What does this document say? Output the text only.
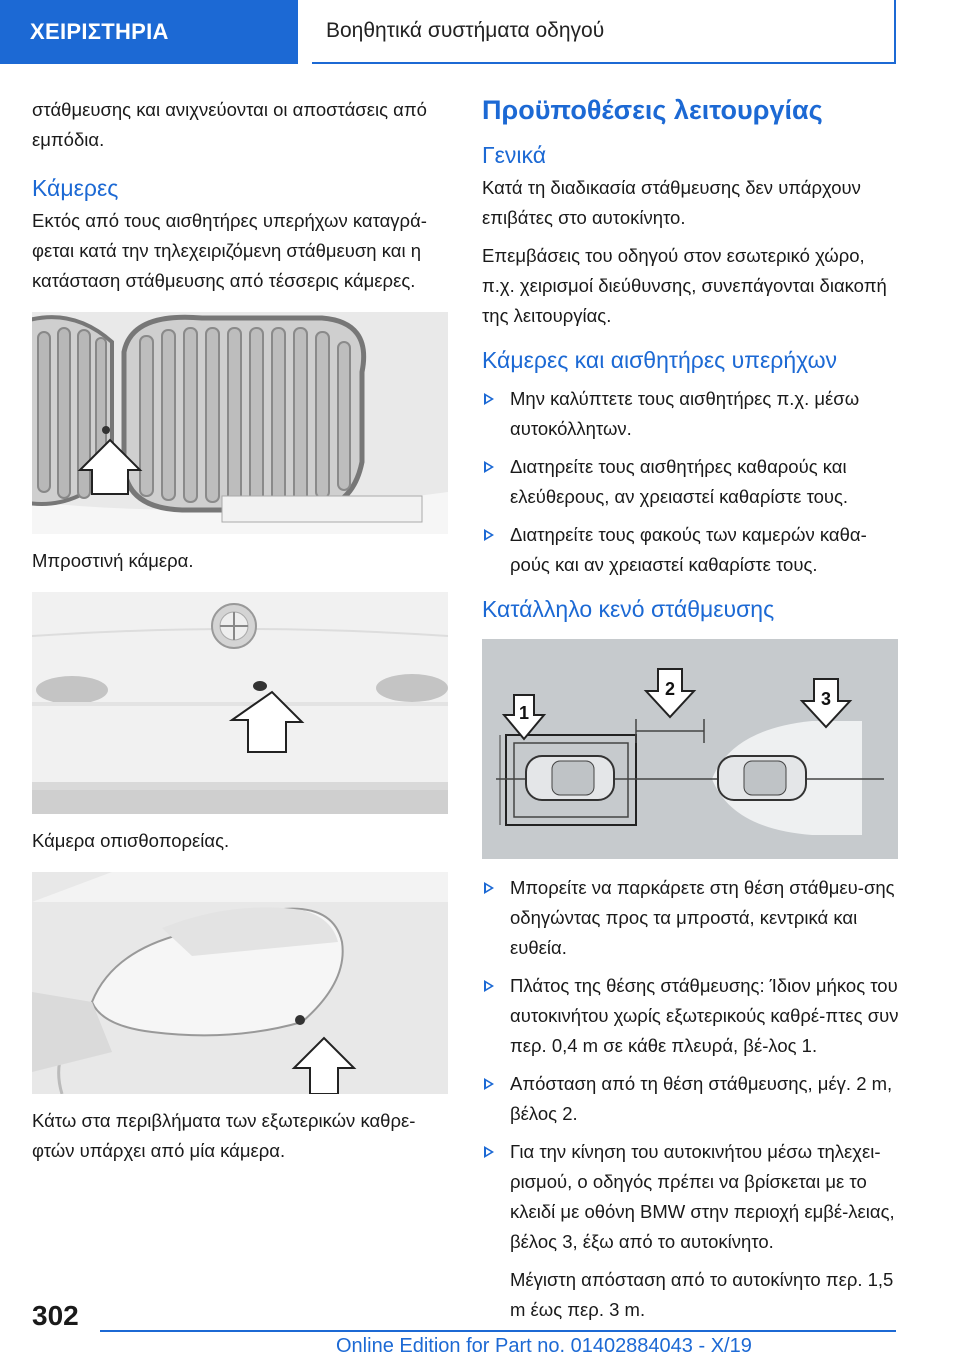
ΧΕΙΡΙΣΤΗΡΙΑ	Βοηθητικά συστήματα οδηγού

στάθμευσης και ανιχνεύονται οι αποστάσεις από εμπόδια.

Κάμερες

Εκτός από τους αισθητήρες υπερήχων καταγρά-φεται κατά την τηλεχειριζόμενη στάθμευση και η κατάσταση στάθμευσης από τέσσερις κάμερες.

Μπροστινή κάμερα.

Κάμερα οπισθοπορείας.

Κάτω στα περιβλήματα των εξωτερικών καθρε-φτών υπάρχει από μία κάμερα.

Προϋποθέσεις λειτουργίας
Γενικά

Κατά τη διαδικασία στάθμευσης δεν υπάρχουν επιβάτες στο αυτοκίνητο.

Επεμβάσεις του οδηγού στον εσωτερικό χώρο, π.χ. χειρισμοί διεύθυνσης, συνεπάγονται διακοπή της λειτουργίας.

Κάμερες και αισθητήρες υπερήχων
Μην καλύπτετε τους αισθητήρες π.χ. μέσω αυτοκόλλητων.
Διατηρείτε τους αισθητήρες καθαρούς και ελεύθερους, αν χρειαστεί καθαρίστε τους.
Διατηρείτε τους φακούς των καμερών καθα-ρούς και αν χρειαστεί καθαρίστε τους.
Κατάλληλο κενό στάθμευσης
1
2	3
Μπορείτε να παρκάρετε στη θέση στάθμευ-σης οδηγώντας προς τα μπροστά, κεντρικά και ευθεία.
Πλάτος της θέσης στάθμευσης: Ίδιον μήκος του αυτοκινήτου χωρίς εξωτερικούς καθρέ-πτες συν περ. 0,4 m σε κάθε πλευρά, βέ-λος 1.
Απόσταση από τη θέση στάθμευσης, μέγ. 2 m, βέλος 2.
Για την κίνηση του αυτοκινήτου μέσω τηλεχει-ρισμού, ο οδηγός πρέπει να βρίσκεται με το κλειδί με οθόνη BMW στην περιοχή εμβέ-λειας, βέλος 3, έξω από το αυτοκίνητο.

Μέγιστη απόσταση από το αυτοκίνητο περ. 1,5 m έως περ. 3 m.

302
Online Edition for Part no. 01402884043 - X/19
